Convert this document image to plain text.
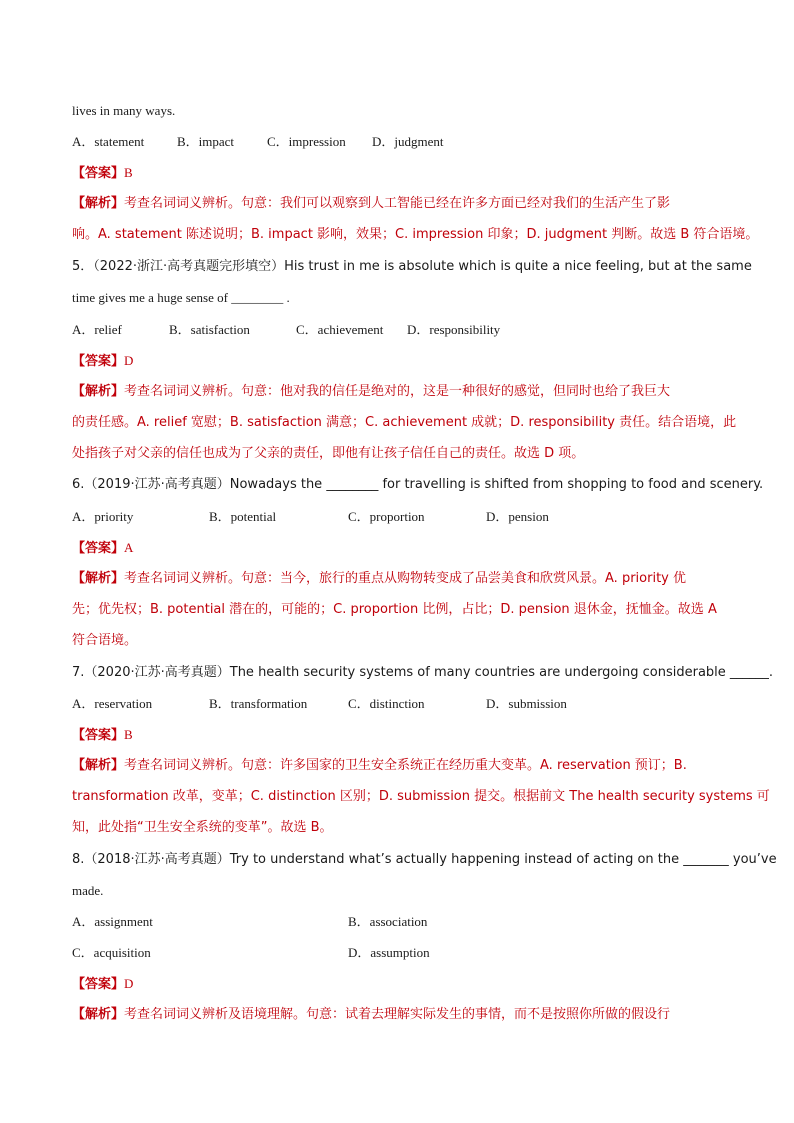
lives in many ways.
A．statement	B．impact	C．impression D．judgment
【答案】B
【解析】考查名词词义辨析。句意：我们可以观察到人工智能已经在许多方面已经对我们的生活产生了影
响。A. statement 陈述说明；B. impact 影响，效果；C. impression 印象；D. judgment 判断。故选 B 符合语境。
5．（2022·浙江·高考真题完形填空）His trust in me is absolute which is quite a nice feeling, but at the same
time gives me a huge sense of ________ .
A．relief	B．satisfaction	C．achievement D．responsibility
【答案】D
【解析】考查名词词义辨析。句意：他对我的信任是绝对的，这是一种很好的感觉，但同时也给了我巨大
的责任感。A. relief 宽慰；B. satisfaction 满意；C. achievement 成就；D. responsibility 责任。结合语境，此
处指孩子对父亲的信任也成为了父亲的责任，即他有让孩子信任自己的责任。故选 D 项。
6.（2019·江苏·高考真题）Nowadays the ________ for travelling is shifted from shopping to food and scenery.
A．priority	B．potential	C．proportion	D．pension
【答案】A
【解析】考查名词词义辨析。句意：当今，旅行的重点从购物转变成了品尝美食和欣赏风景。A. priority 优
先；优先权；B. potential 潜在的，可能的；C. proportion 比例，占比；D. pension 退休金，抚恤金。故选 A
符合语境。
7.（2020·江苏·高考真题）The health security systems of many countries are undergoing considerable ______.
A．reservation	B．transformation	C．distinction	D．submission
【答案】B
【解析】考查名词词义辨析。句意：许多国家的卫生安全系统正在经历重大变革。A. reservation 预订；B.
transformation 改革，变革；C. distinction 区别；D. submission 提交。根据前文 The health security systems 可
知，此处指“卫生安全系统的变革”。故选 B。
8.（2018·江苏·高考真题）Try to understand what’s actually happening instead of acting on the _______ you’ve
made.
A．assignment	B．association
C．acquisition	D．assumption
【答案】D
【解析】考查名词词义辨析及语境理解。句意：试着去理解实际发生的事情，而不是按照你所做的假设行
